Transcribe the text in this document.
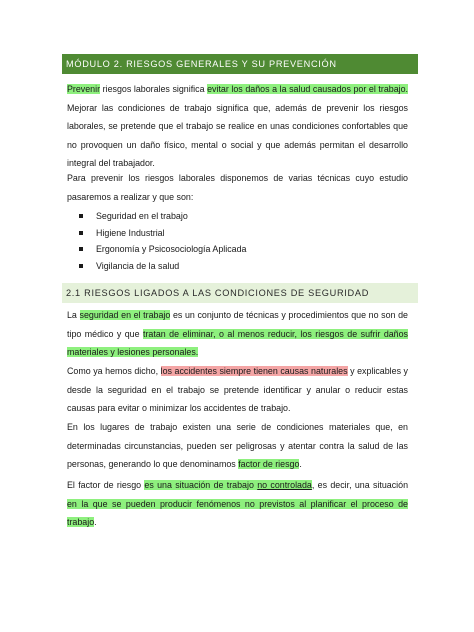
MÓDULO 2. RIESGOS GENERALES Y SU PREVENCIÓN
Prevenir riesgos laborales significa evitar los daños a la salud causados por el trabajo. Mejorar las condiciones de trabajo significa que, además de prevenir los riesgos laborales, se pretende que el trabajo se realice en unas condiciones confortables que no provoquen un daño físico, mental o social y que además permitan el desarrollo integral del trabajador.
Para prevenir los riesgos laborales disponemos de varias técnicas cuyo estudio pasaremos a realizar y que son:
Seguridad en el trabajo
Higiene Industrial
Ergonomía y Psicosociología Aplicada
Vigilancia de la salud
2.1 RIESGOS LIGADOS A LAS CONDICIONES DE SEGURIDAD
La seguridad en el trabajo es un conjunto de técnicas y procedimientos que no son de tipo médico y que tratan de eliminar, o al menos reducir, los riesgos de sufrir daños materiales y lesiones personales.
Como ya hemos dicho, los accidentes siempre tienen causas naturales y explicables y desde la seguridad en el trabajo se pretende identificar y anular o reducir estas causas para evitar o minimizar los accidentes de trabajo.
En los lugares de trabajo existen una serie de condiciones materiales que, en determinadas circunstancias, pueden ser peligrosas y atentar contra la salud de las personas, generando lo que denominamos factor de riesgo.
El factor de riesgo es una situación de trabajo no controlada, es decir, una situación en la que se pueden producir fenómenos no previstos al planificar el proceso de trabajo.
